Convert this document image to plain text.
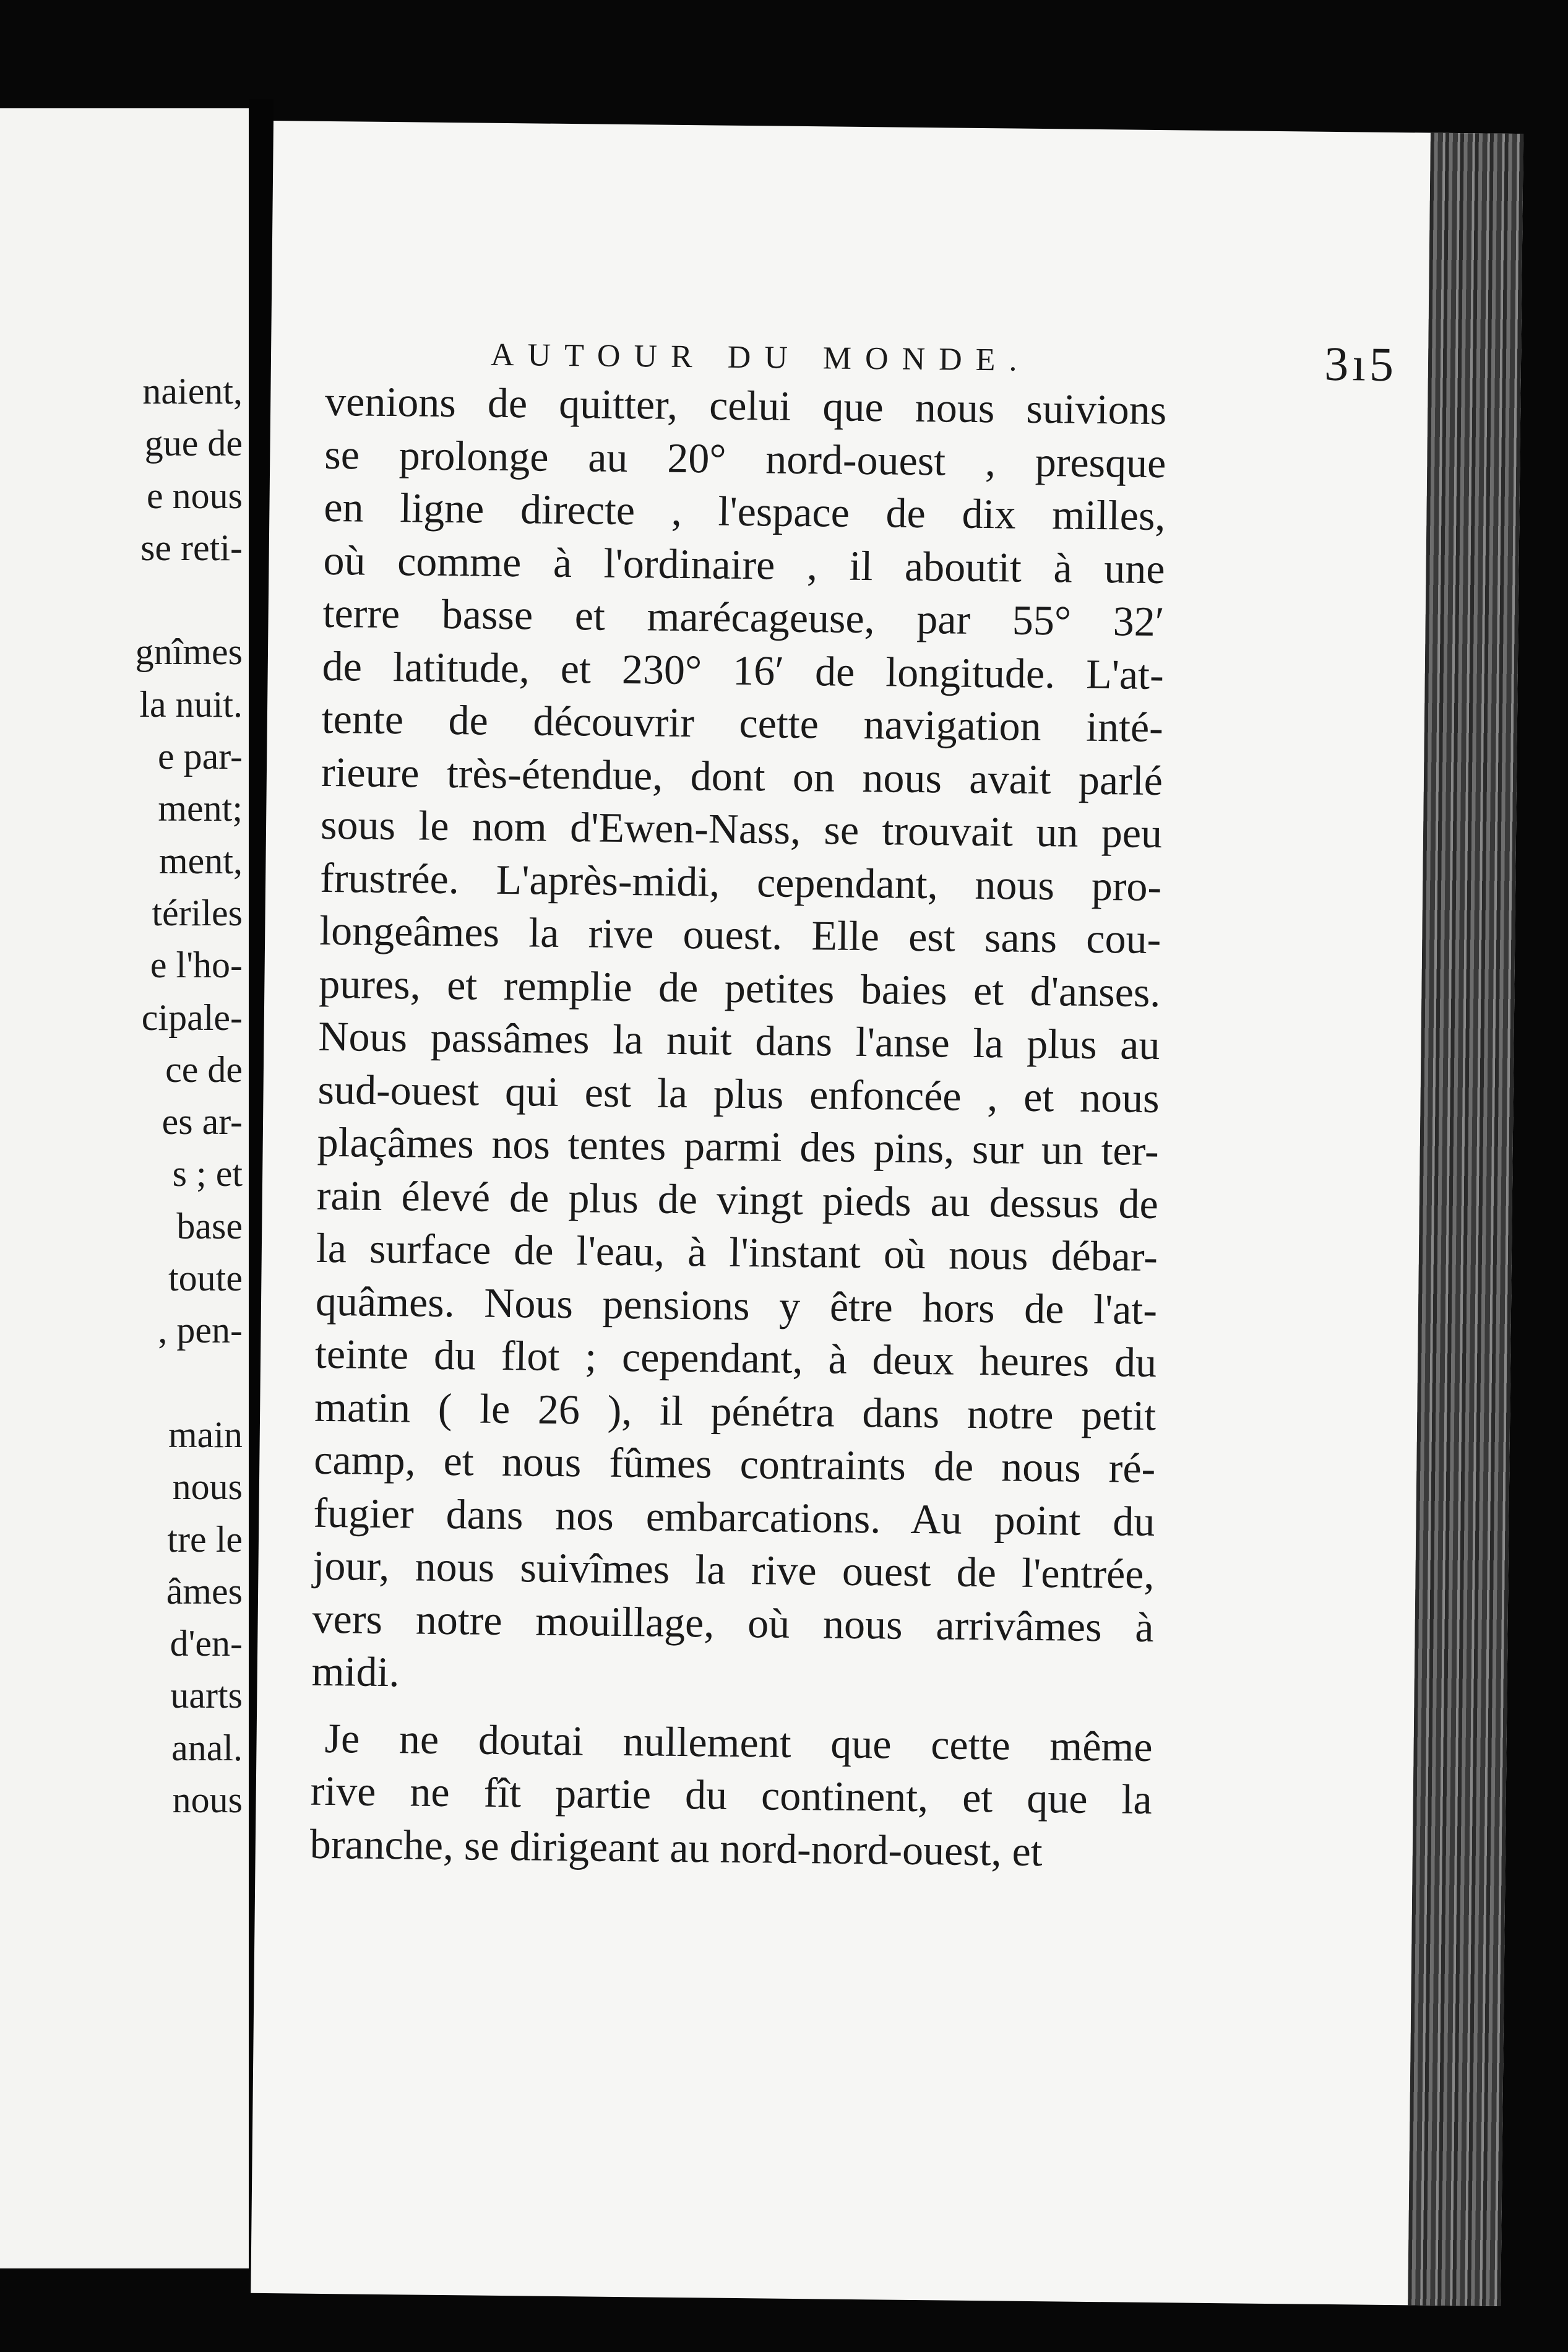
naient,
gue de
e nous
se reti-
gnîmes
la nuit.
e par-
ment;
ment,
tériles
e l'ho-
cipale-
ce de
es ar-
s ; et
base
toute
, pen-
main
nous
tre le
âmes
d'en-
uarts
anal.
nous
AUTOUR DU MONDE.	3ı5
venions de quitter, celui que nous suivions
se prolonge au 20° nord-ouest , presque
en ligne directe , l'espace de dix milles,
où comme à l'ordinaire , il aboutit à une
terre basse et marécageuse, par 55° 32′
de latitude, et 230° 16′ de longitude. L'at-
tente de découvrir cette navigation inté-
rieure très-étendue, dont on nous avait parlé
sous le nom d'Ewen-Nass, se trouvait un peu
frustrée. L'après-midi, cependant, nous pro-
longeâmes la rive ouest. Elle est sans cou-
pures, et remplie de petites baies et d'anses.
Nous passâmes la nuit dans l'anse la plus au
sud-ouest qui est la plus enfoncée , et nous
plaçâmes nos tentes parmi des pins, sur un ter-
rain élevé de plus de vingt pieds au dessus de
la surface de l'eau, à l'instant où nous débar-
quâmes. Nous pensions y être hors de l'at-
teinte du flot ; cependant, à deux heures du
matin ( le 26 ), il pénétra dans notre petit
camp, et nous fûmes contraints de nous ré-
fugier dans nos embarcations. Au point du
jour, nous suivîmes la rive ouest de l'entrée,
vers notre mouillage, où nous arrivâmes à
midi.
Je ne doutai nullement que cette même
rive ne fît partie du continent, et que la
branche, se dirigeant au nord-nord-ouest, et
